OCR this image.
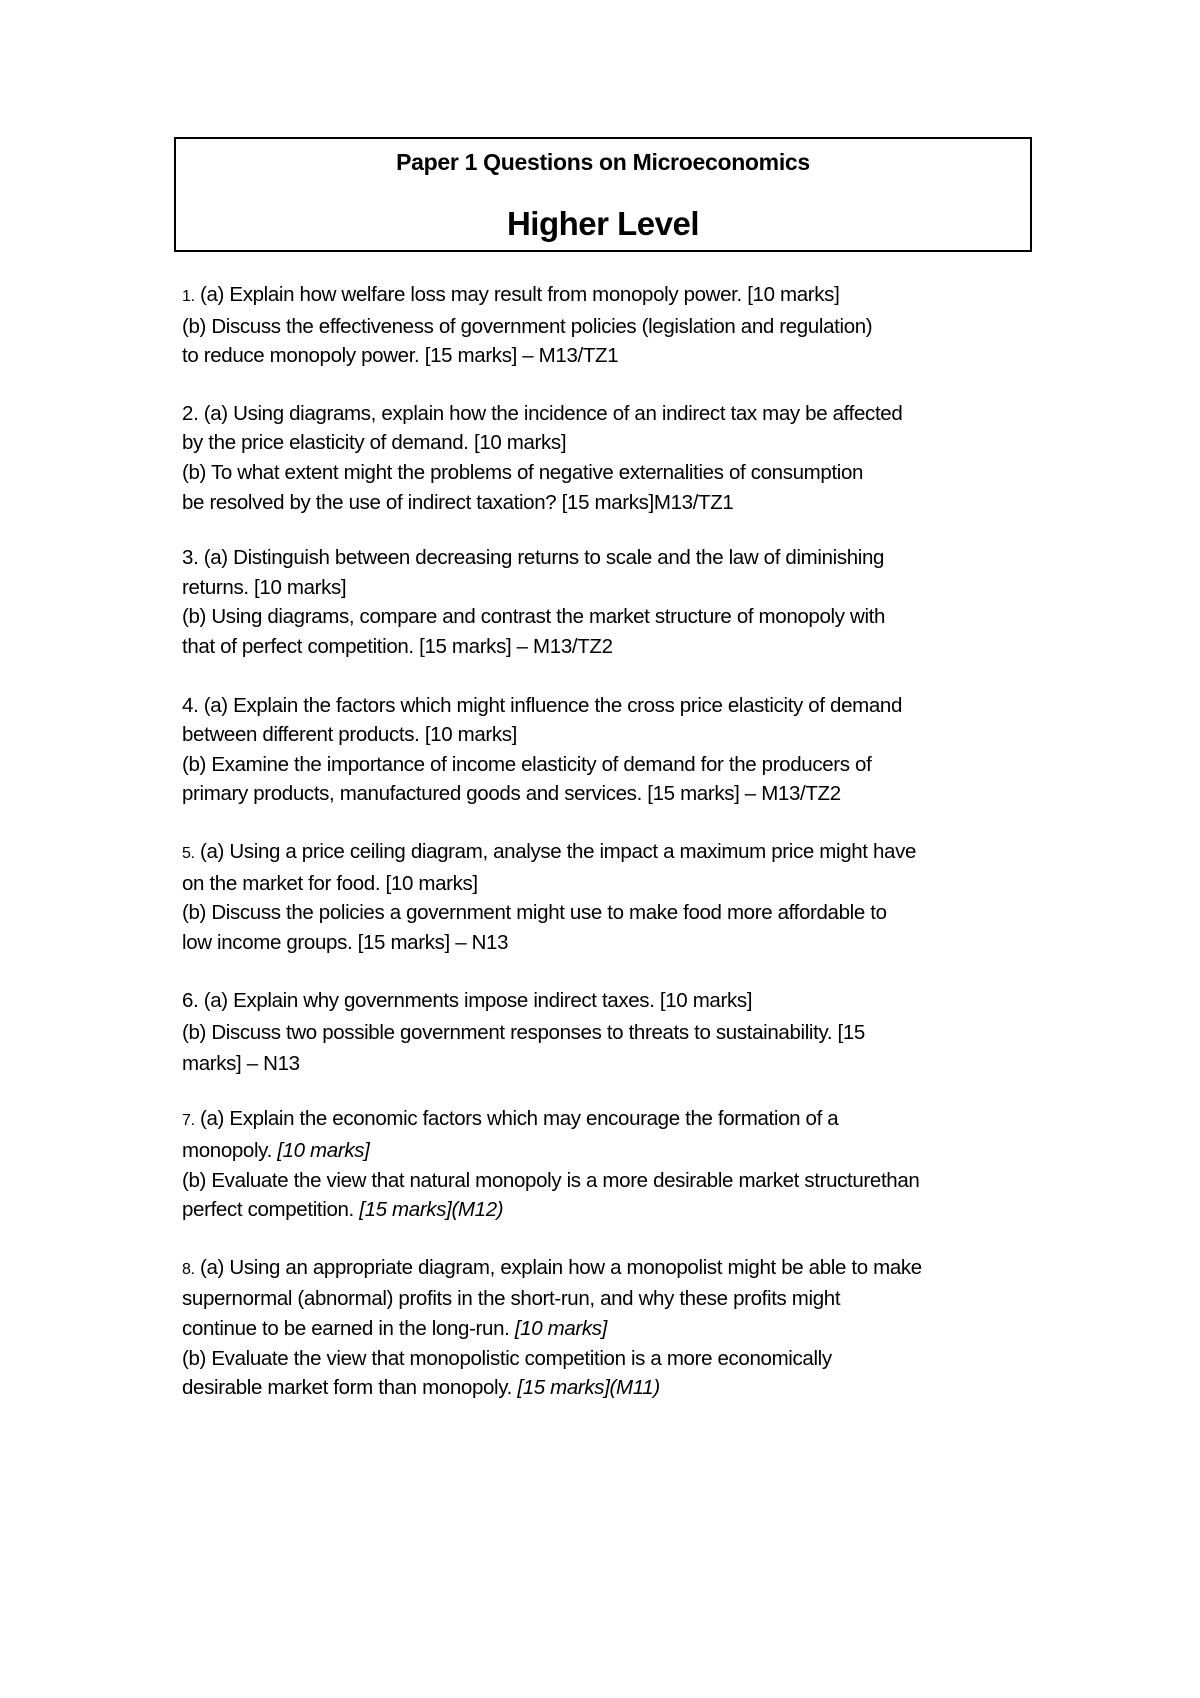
Paper 1 Questions on Microeconomics
Higher Level
1. (a) Explain how welfare loss may result from monopoly power. [10 marks]
(b) Discuss the effectiveness of government policies (legislation and regulation)
to reduce monopoly power. [15 marks] – M13/TZ1
2. (a) Using diagrams, explain how the incidence of an indirect tax may be affected
by the price elasticity of demand. [10 marks]
(b) To what extent might the problems of negative externalities of consumption
be resolved by the use of indirect taxation? [15 marks]M13/TZ1
3. (a) Distinguish between decreasing returns to scale and the law of diminishing
returns. [10 marks]
(b) Using diagrams, compare and contrast the market structure of monopoly with
that of perfect competition. [15 marks] – M13/TZ2
4. (a) Explain the factors which might influence the cross price elasticity of demand
between different products. [10 marks]
(b) Examine the importance of income elasticity of demand for the producers of
primary products, manufactured goods and services. [15 marks] – M13/TZ2
5. (a) Using a price ceiling diagram, analyse the impact a maximum price might have
on the market for food. [10 marks]
(b) Discuss the policies a government might use to make food more affordable to
low income groups. [15 marks] – N13
6. (a) Explain why governments impose indirect taxes. [10 marks]
(b) Discuss two possible government responses to threats to sustainability. [15
marks] – N13
7. (a) Explain the economic factors which may encourage the formation of a
monopoly. [10 marks]
(b) Evaluate the view that natural monopoly is a more desirable market structurethan
perfect competition. [15 marks](M12)
8. (a) Using an appropriate diagram, explain how a monopolist might be able to make
supernormal (abnormal) profits in the short-run, and why these profits might
continue to be earned in the long-run. [10 marks]
(b) Evaluate the view that monopolistic competition is a more economically
desirable market form than monopoly. [15 marks](M11)
